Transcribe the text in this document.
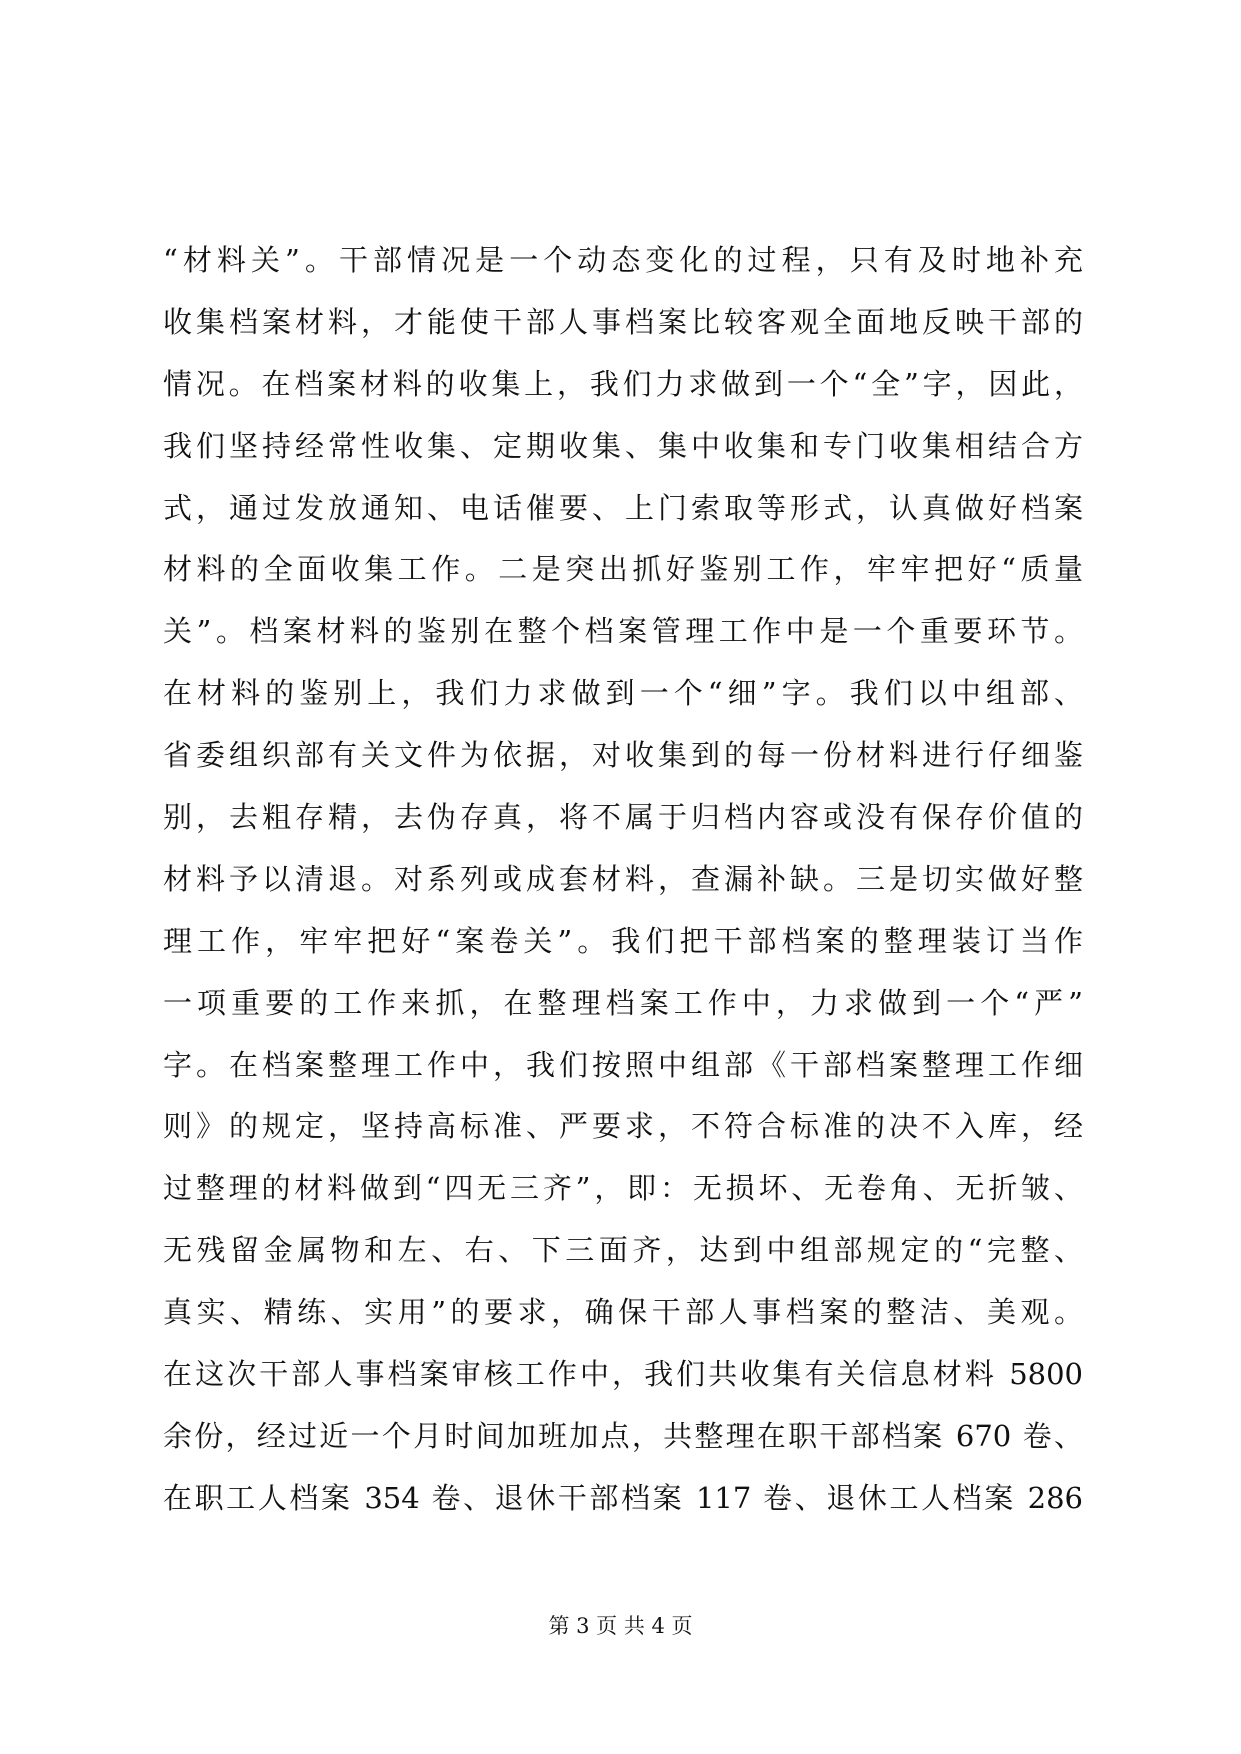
“材料关”。干部情况是一个动态变化的过程，只有及时地补充
收集档案材料，才能使干部人事档案比较客观全面地反映干部的
情况。在档案材料的收集上，我们力求做到一个“全”字，因此，
我们坚持经常性收集、定期收集、集中收集和专门收集相结合方
式，通过发放通知、电话催要、上门索取等形式，认真做好档案
材料的全面收集工作。二是突出抓好鉴别工作，牢牢把好“质量
关”。档案材料的鉴别在整个档案管理工作中是一个重要环节。
在材料的鉴别上，我们力求做到一个“细”字。我们以中组部、
省委组织部有关文件为依据，对收集到的每一份材料进行仔细鉴
别，去粗存精，去伪存真，将不属于归档内容或没有保存价值的
材料予以清退。对系列或成套材料，查漏补缺。三是切实做好整
理工作，牢牢把好“案卷关”。我们把干部档案的整理装订当作
一项重要的工作来抓，在整理档案工作中，力求做到一个“严”
字。在档案整理工作中，我们按照中组部《干部档案整理工作细
则》的规定，坚持高标准、严要求，不符合标准的决不入库，经
过整理的材料做到“四无三齐”，即：无损坏、无卷角、无折皱、
无残留金属物和左、右、下三面齐，达到中组部规定的“完整、
真实、精练、实用”的要求，确保干部人事档案的整洁、美观。
在这次干部人事档案审核工作中，我们共收集有关信息材料 5800
余份，经过近一个月时间加班加点，共整理在职干部档案 670 卷、
在职工人档案 354 卷、退休干部档案 117 卷、退休工人档案 286
第 3 页 共 4 页
